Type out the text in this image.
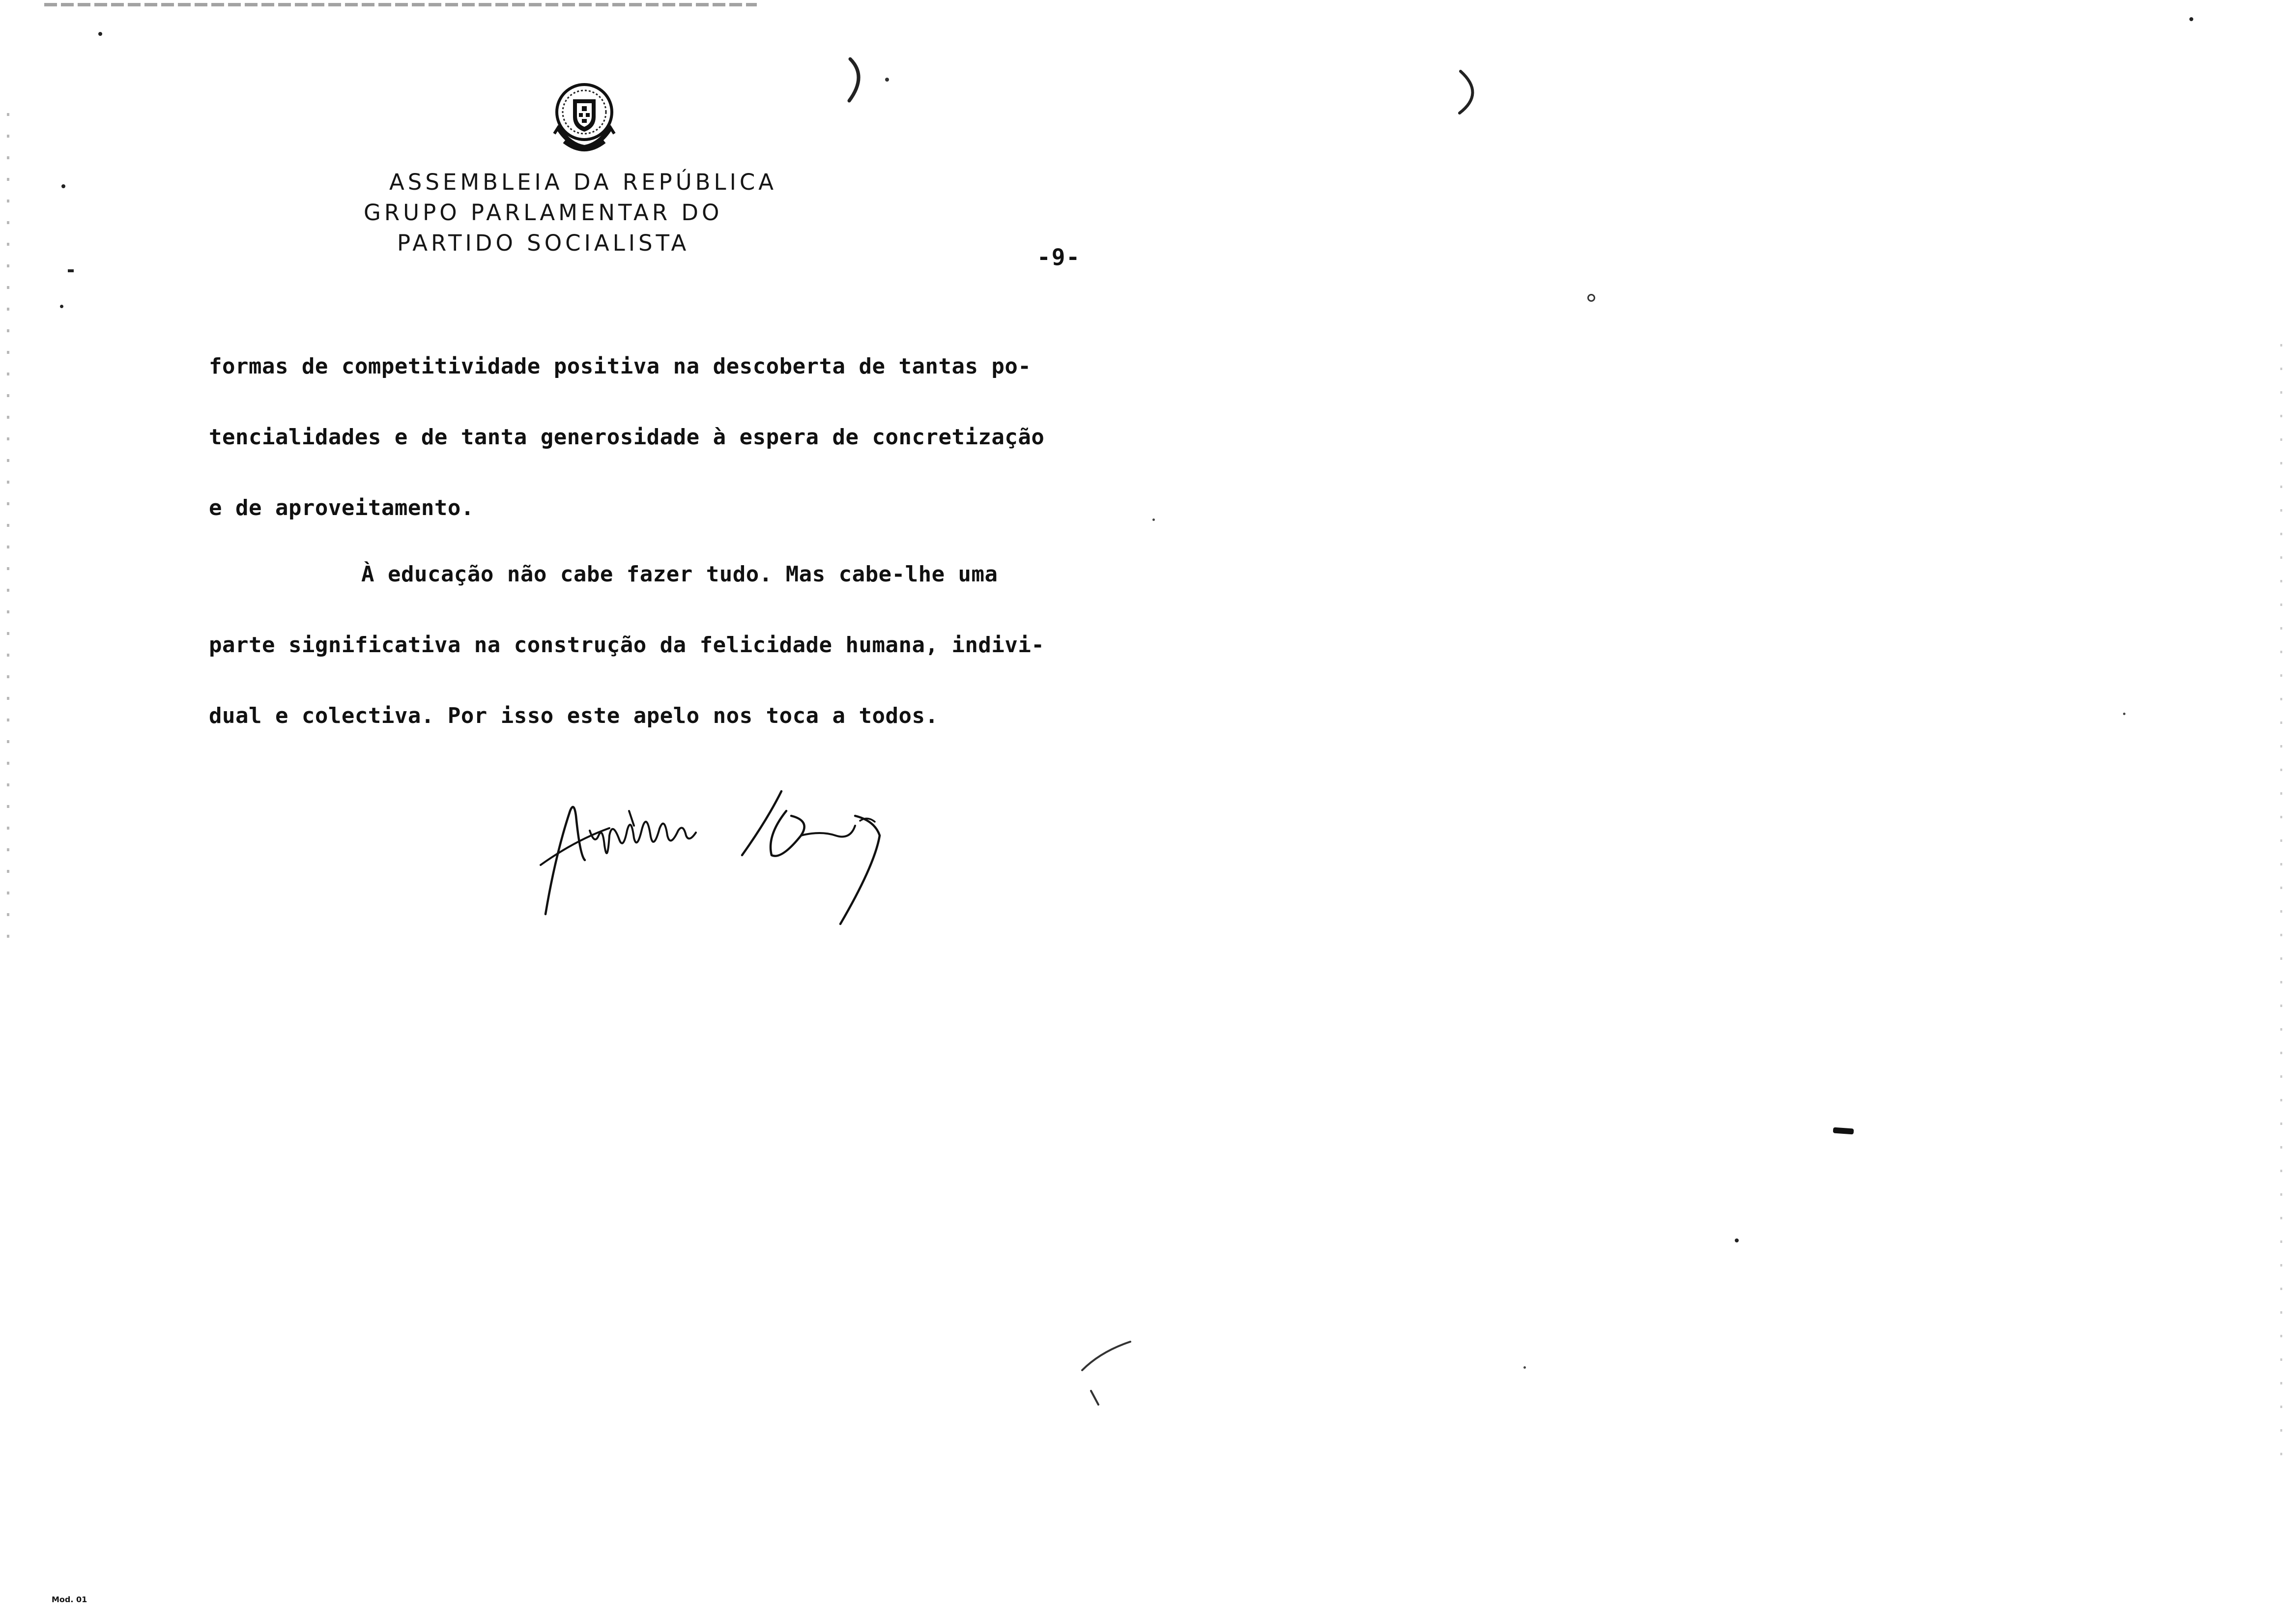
ASSEMBLEIA DA REPÚBLICA
GRUPO PARLAMENTAR DO
PARTIDO SOCIALISTA
-9-
formas de competitividade positiva na descoberta de tantas po-
tencialidades e de tanta generosidade à espera de concretização
e de aproveitamento.
À educação não cabe fazer tudo. Mas cabe-lhe uma
parte significativa na construção da felicidade humana, indivi-
dual e colectiva. Por isso este apelo nos toca a todos.
Mod. 01
